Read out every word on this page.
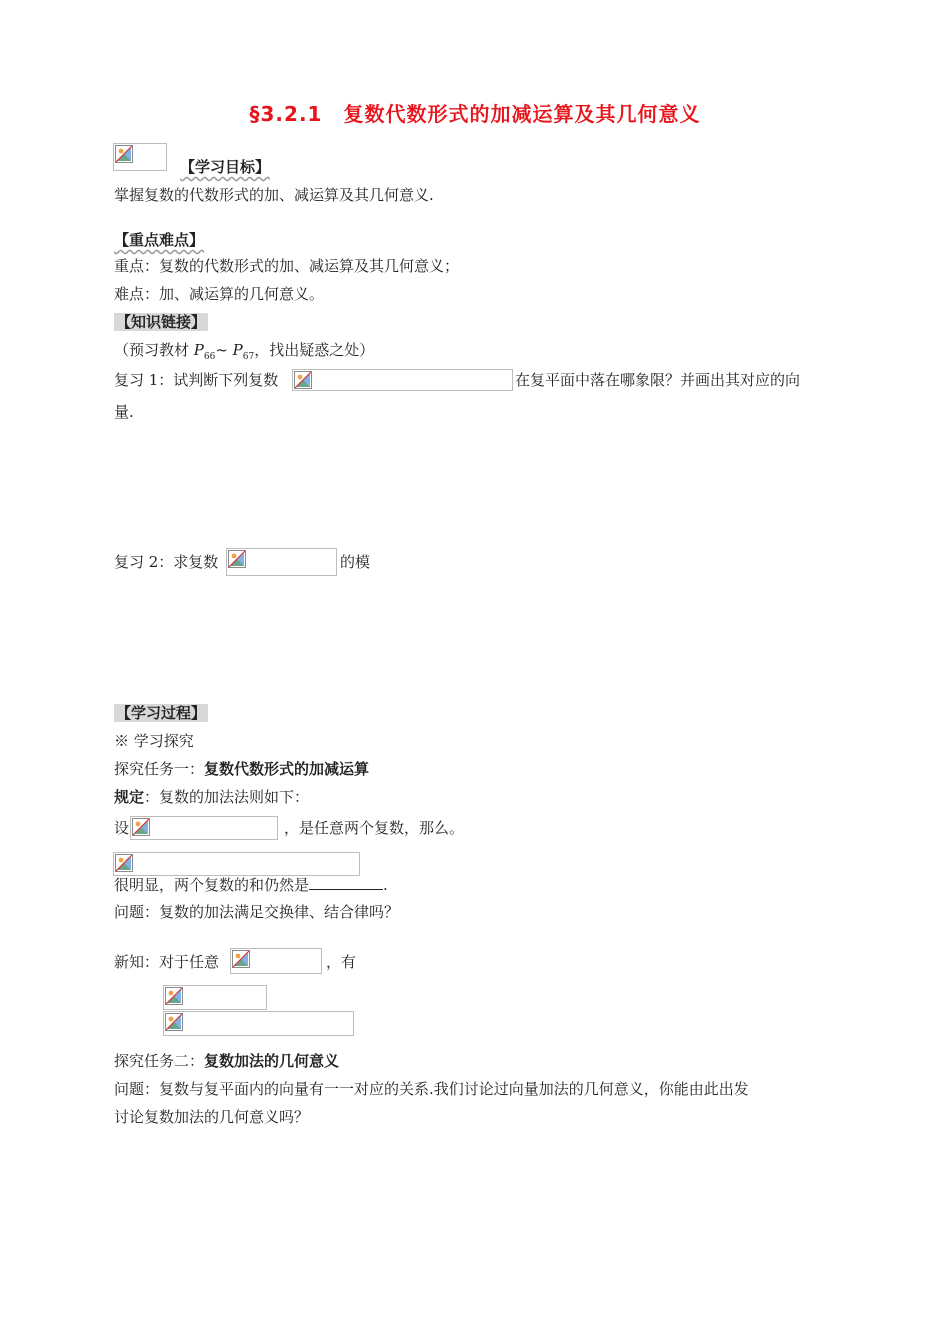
§3.2.1　复数代数形式的加减运算及其几何意义
【学习目标】
掌握复数的代数形式的加、减运算及其几何意义.
【重点难点】
重点：复数的代数形式的加、减运算及其几何意义；
难点：加、减运算的几何意义。
【知识链接】
（预习教材 $P_{66}\sim$ $P_{67}$，找出疑惑之处）
复习 1：试判断下列复数	在复平面中落在哪象限？并画出其对应的向
量.
复习 2：求复数	的模
【学习过程】
※ 学习探究
探究任务一：复数代数形式的加减运算
规定：复数的加法法则如下：
设	，是任意两个复数，那么。
很明显，两个复数的和仍然是	.
问题：复数的加法满足交换律、结合律吗？
新知：对于任意	，有
探究任务二：复数加法的几何意义
问题：复数与复平面内的向量有一一对应的关系.我们讨论过向量加法的几何意义，你能由此出发
讨论复数加法的几何意义吗？
